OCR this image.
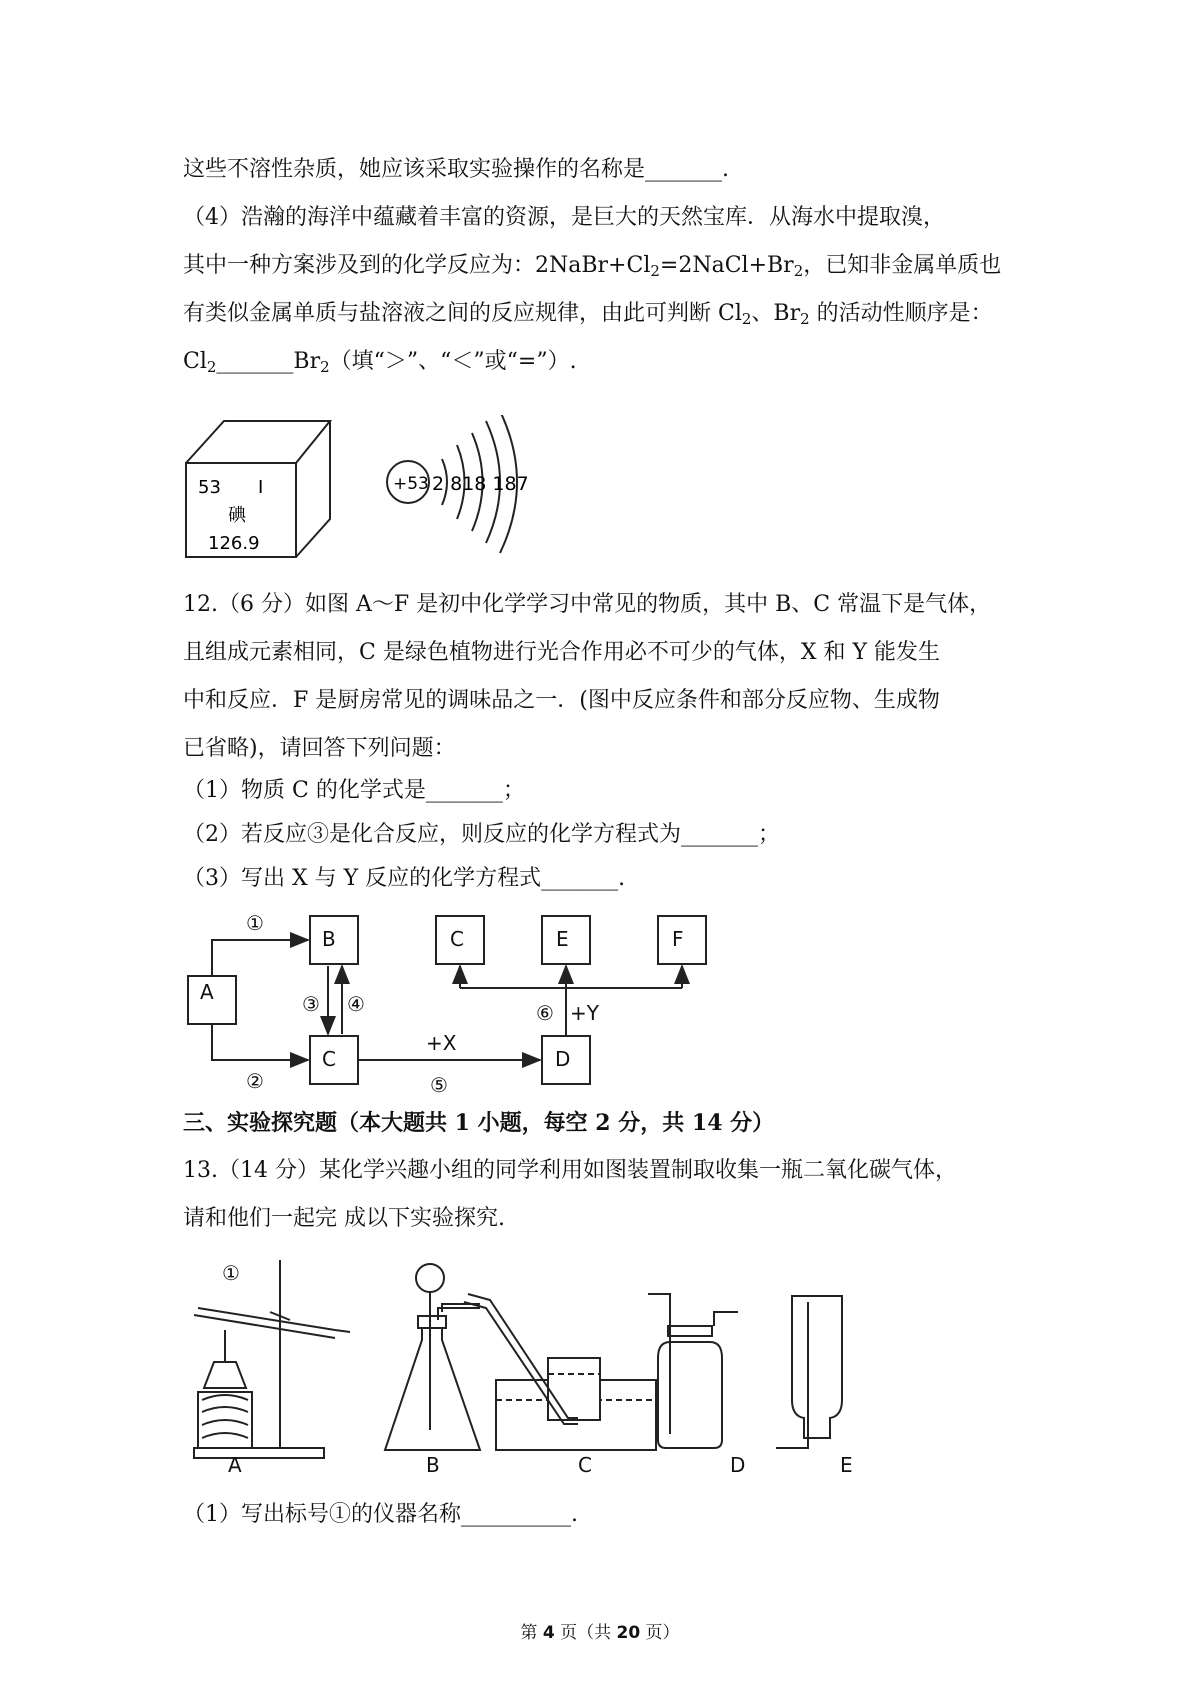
这些不溶性杂质，她应该采取实验操作的名称是_______.
（4）浩瀚的海洋中蕴藏着丰富的资源，是巨大的天然宝库．从海水中提取溴，
其中一种方案涉及到的化学反应为：$2NaBr+Cl_2=2NaCl+Br_2$，已知非金属单质也
有类似金属单质与盐溶液之间的反应规律，由此可判断 $Cl_2$、$Br_2$ 的活动性顺序是：
$Cl_2\_\_\_\_\_\_\_Br_2$（填“＞”、“＜”或“=”）.
53 I
碘
126.9
+53 2 818 187
12.（6 分）如图 A～F 是初中化学学习中常见的物质，其中 B、C 常温下是气体，
且组成元素相同，C 是绿色植物进行光合作用必不可少的气体，X 和 Y 能发生
中和反应．F 是厨房常见的调味品之一．(图中反应条件和部分反应物、生成物
已省略)，请回答下列问题：
（1）物质 C 的化学式是_______；
（2）若反应③是化合反应，则反应的化学方程式为_______；
（3）写出 X 与 Y 反应的化学方程式_______.
A
B
C	D
C	E	F
①
②
③ ④
⑤
⑥
+X
+Y
三、实验探究题（本大题共 1 小题，每空 2 分，共 14 分）
13.（14 分）某化学兴趣小组的同学利用如图装置制取收集一瓶二氧化碳气体，
请和他们一起完 成以下实验探究.
①
A	B	C	D	E
（1）写出标号①的仪器名称__________.
第 4 页（共 20 页）
